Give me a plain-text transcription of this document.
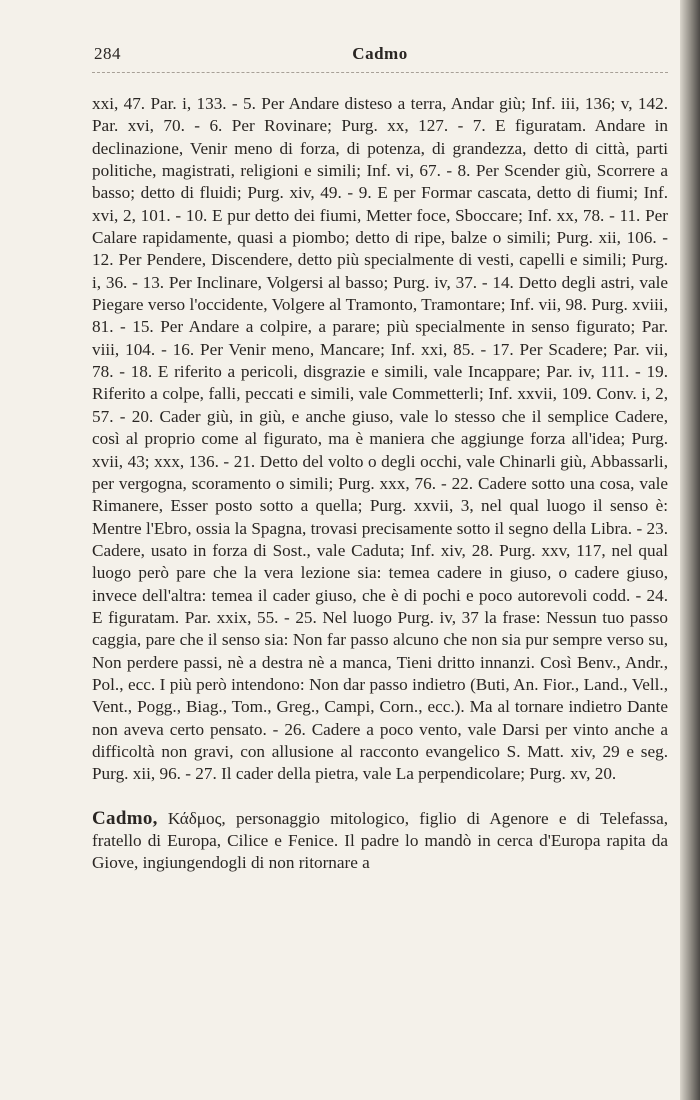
284	Cadmo

xxi, 47. Par. i, 133. - 5. Per Andare disteso a terra, Andar giù; Inf. iii, 136; v, 142. Par. xvi, 70. - 6. Per Rovinare; Purg. xx, 127. - 7. E figuratam. Andare in declinazione, Venir meno di forza, di potenza, di grandezza, detto di città, parti politiche, magistrati, religioni e simili; Inf. vi, 67. - 8. Per Scender giù, Scorrere a basso; detto di fluidi; Purg. xiv, 49. - 9. E per Formar cascata, detto di fiumi; Inf. xvi, 2, 101. - 10. E pur detto dei fiumi, Metter foce, Sboccare; Inf. xx, 78. - 11. Per Calare rapidamente, quasi a piombo; detto di ripe, balze o simili; Purg. xii, 106. - 12. Per Pendere, Discendere, detto più specialmente di vesti, capelli e simili; Purg. i, 36. - 13. Per Inclinare, Volgersi al basso; Purg. iv, 37. - 14. Detto degli astri, vale Piegare verso l'occidente, Volgere al Tramonto, Tramontare; Inf. vii, 98. Purg. xviii, 81. - 15. Per Andare a colpire, a parare; più specialmente in senso figurato; Par. viii, 104. - 16. Per Venir meno, Mancare; Inf. xxi, 85. - 17. Per Scadere; Par. vii, 78. - 18. E riferito a pericoli, disgrazie e simili, vale Incappare; Par. iv, 111. - 19. Riferito a colpe, falli, peccati e simili, vale Commetterli; Inf. xxvii, 109. Conv. i, 2, 57. - 20. Cader giù, in giù, e anche giuso, vale lo stesso che il semplice Cadere, così al proprio come al figurato, ma è maniera che aggiunge forza all'idea; Purg. xvii, 43; xxx, 136. - 21. Detto del volto o degli occhi, vale Chinarli giù, Abbassarli, per vergogna, scoramento o simili; Purg. xxx, 76. - 22. Cadere sotto una cosa, vale Rimanere, Esser posto sotto a quella; Purg. xxvii, 3, nel qual luogo il senso è: Mentre l'Ebro, ossia la Spagna, trovasi precisamente sotto il segno della Libra. - 23. Cadere, usato in forza di Sost., vale Caduta; Inf. xiv, 28. Purg. xxv, 117, nel qual luogo però pare che la vera lezione sia: temea cadere in giuso, o cadere giuso, invece dell'altra: temea il cader giuso, che è di pochi e poco autorevoli codd. - 24. E figuratam. Par. xxix, 55. - 25. Nel luogo Purg. iv, 37 la frase: Nessun tuo passo caggia, pare che il senso sia: Non far passo alcuno che non sia pur sempre verso su, Non perdere passi, nè a destra nè a manca, Tieni dritto innanzi. Così Benv., Andr., Pol., ecc. I più però intendono: Non dar passo indietro (Buti, An. Fior., Land., Vell., Vent., Pogg., Biag., Tom., Greg., Campi, Corn., ecc.). Ma al tornare indietro Dante non aveva certo pensato. - 26. Cadere a poco vento, vale Darsi per vinto anche a difficoltà non gravi, con allusione al racconto evangelico S. Matt. xiv, 29 e seg. Purg. xii, 96. - 27. Il cader della pietra, vale La perpendicolare; Purg. xv, 20.

Cadmo, Κάδμος, personaggio mitologico, figlio di Agenore e di Telefassa, fratello di Europa, Cilice e Fenice. Il padre lo mandò in cerca d'Europa rapita da Giove, ingiungendogli di non ritornare a
